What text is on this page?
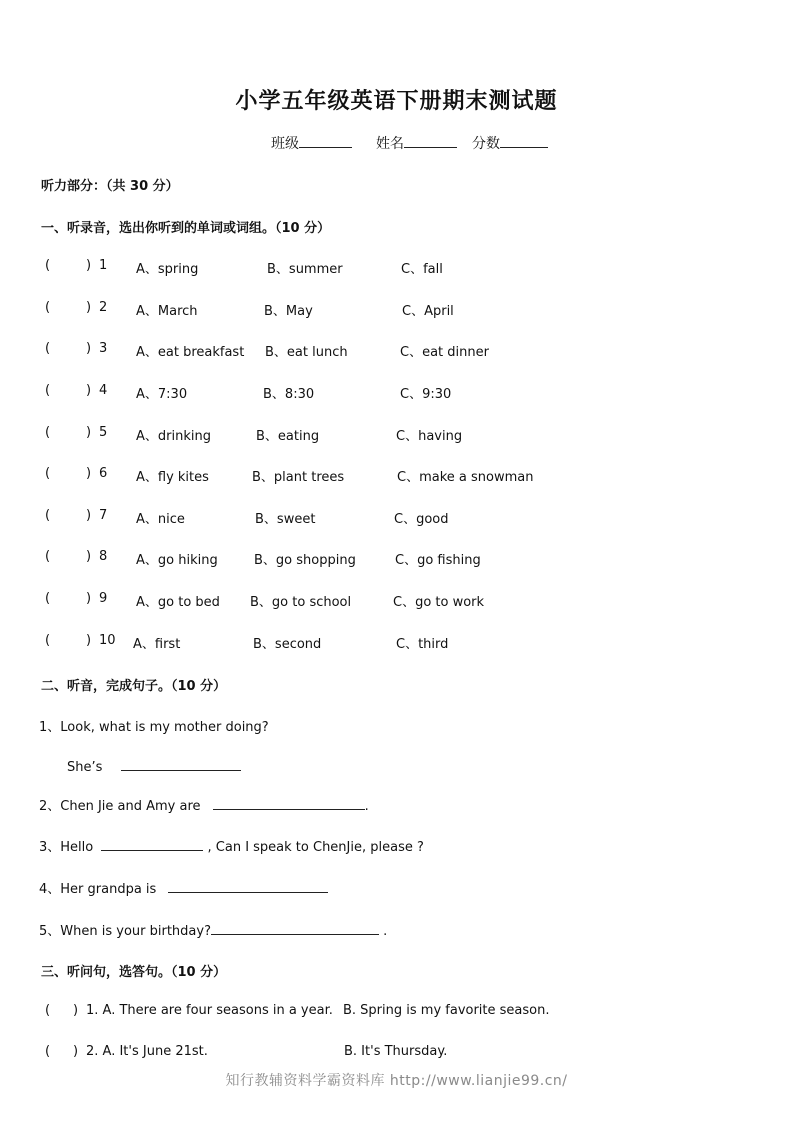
小学五年级英语下册期末测试题
班级	姓名	分数
听力部分：（共 30 分）
一、听录音，选出你听到的单词或词组。（10 分）
(	) 1 A、spring	B、summer	C、fall
(	) 2 A、March	B、May	C、April
(	) 3 A、eat breakfast B、eat lunch	C、eat dinner
(	) 4 A、7:30	B、8:30	C、9:30
(	) 5 A、drinking	B、eating	C、having
(	) 6 A、fly kites	B、plant trees	C、make a snowman
(	) 7 A、nice	B、sweet	C、good
(	) 8 A、go hiking	B、go shopping	C、go fishing
(	) 9 A、go to bed B、go to school	C、go to work
(	) 10 A、first	B、second	C、third
二、听音，完成句子。（10 分）
1、Look, what is my mother doing?
She’s
2、Chen Jie and Amy are	.
3、Hello	, Can I speak to ChenJie, please ?
4、Her grandpa is
5、When is your birthday?	.
三、听问句，选答句。（10 分）
( ) 1. A. There are four seasons in a year. B. Spring is my favorite season.
( ) 2. A. It's June 21st.	B. It's Thursday.
知行教辅资料学霸资料库 http://www.lianjie99.cn/
